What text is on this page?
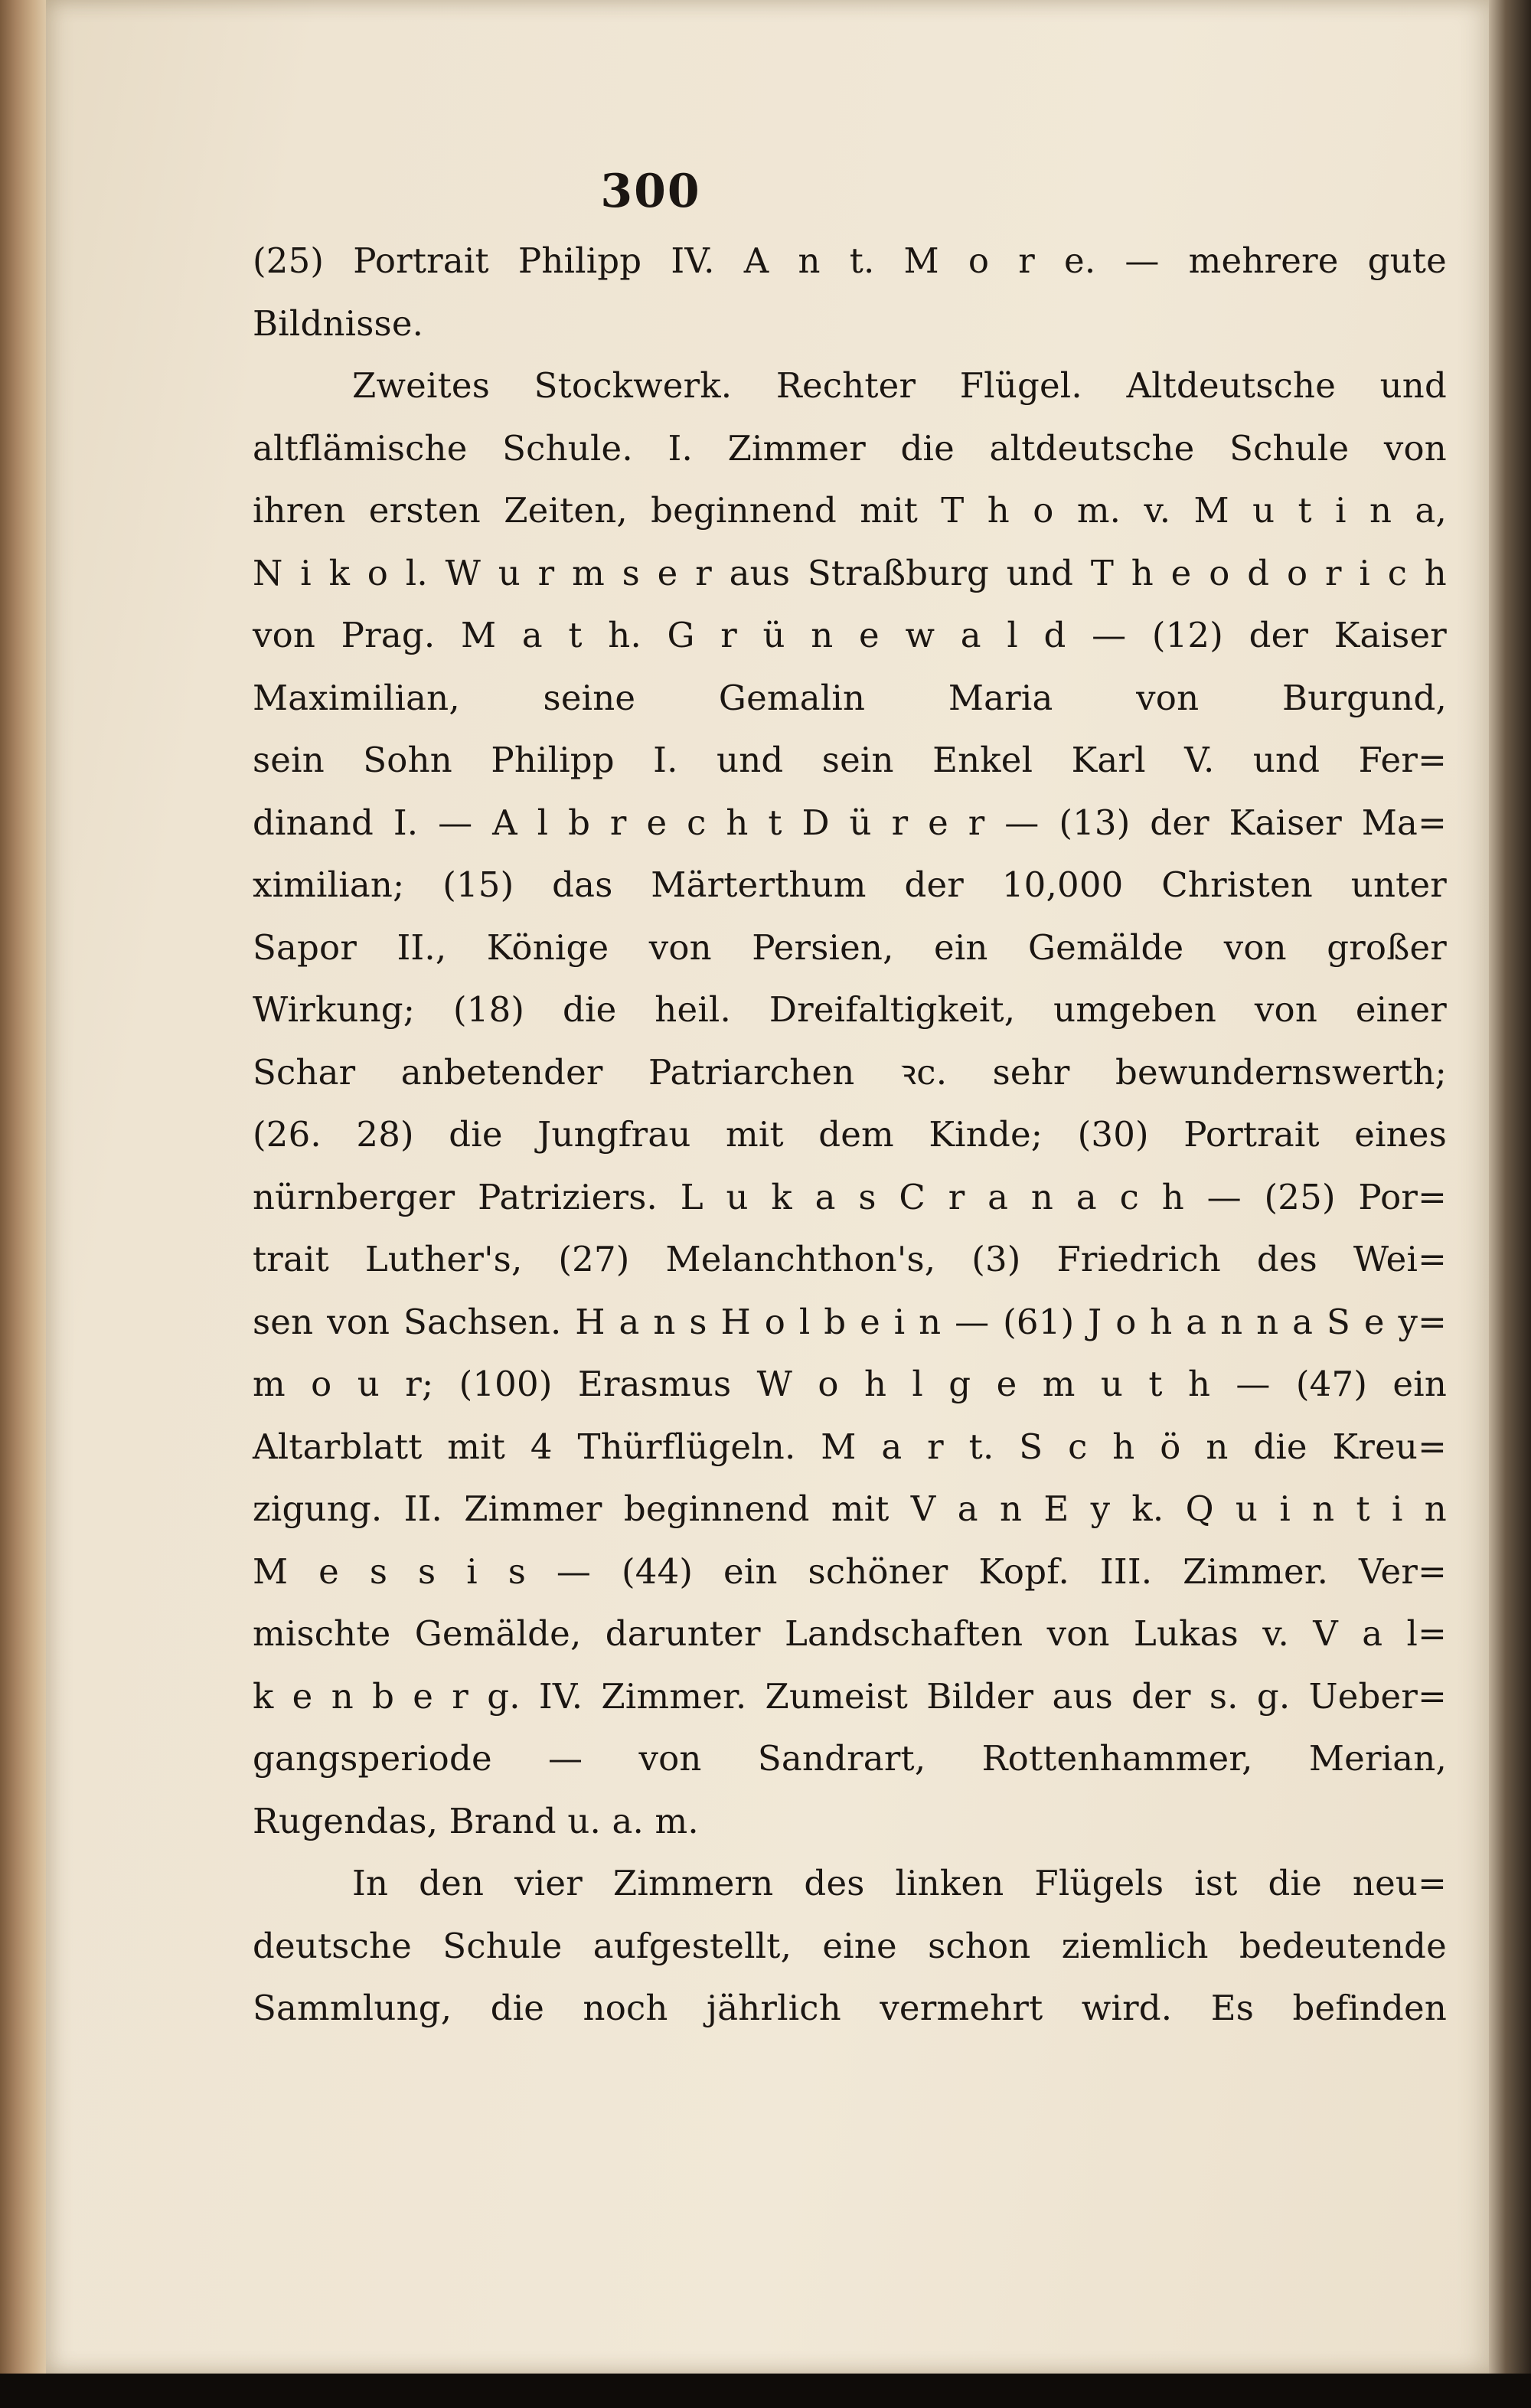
300
(25) Portrait Philipp IV. A n t. M o r e. — mehrere gute
Bildnisse.
Zweites Stockwerk. Rechter Flügel. Altdeutsche und
altflämische Schule. I. Zimmer die altdeutsche Schule von
ihren ersten Zeiten, beginnend mit T h o m. v. M u t i n a,
N i k o l. W u r m s e r aus Straßburg und T h e o d o r i c h
von Prag. M a t h. G r ü n e w a l d — (12) der Kaiser
Maximilian, seine Gemalin Maria von Burgund,
sein Sohn Philipp I. und sein Enkel Karl V. und Fer=
dinand I. — A l b r e c h t D ü r e r — (13) der Kaiser Ma=
ximilian; (15) das Märterthum der 10,000 Christen unter
Sapor II., Könige von Persien, ein Gemälde von großer
Wirkung; (18) die heil. Dreifaltigkeit, umgeben von einer
Schar anbetender Patriarchen ꝛc. sehr bewundernswerth;
(26. 28) die Jungfrau mit dem Kinde; (30) Portrait eines
nürnberger Patriziers. L u k a s C r a n a c h — (25) Por=
trait Luther's, (27) Melanchthon's, (3) Friedrich des Wei=
sen von Sachsen. H a n s H o l b e i n — (61) J o h a n n a S e y=
m o u r; (100) Erasmus W o h l g e m u t h — (47) ein
Altarblatt mit 4 Thürflügeln. M a r t. S c h ö n die Kreu=
zigung. II. Zimmer beginnend mit V a n E y k. Q u i n t i n
M e s s i s — (44) ein schöner Kopf. III. Zimmer. Ver=
mischte Gemälde, darunter Landschaften von Lukas v. V a l=
k e n b e r g. IV. Zimmer. Zumeist Bilder aus der s. g. Ueber=
gangsperiode — von Sandrart, Rottenhammer, Merian,
Rugendas, Brand u. a. m.
In den vier Zimmern des linken Flügels ist die neu=
deutsche Schule aufgestellt, eine schon ziemlich bedeutende
Sammlung, die noch jährlich vermehrt wird. Es befinden
